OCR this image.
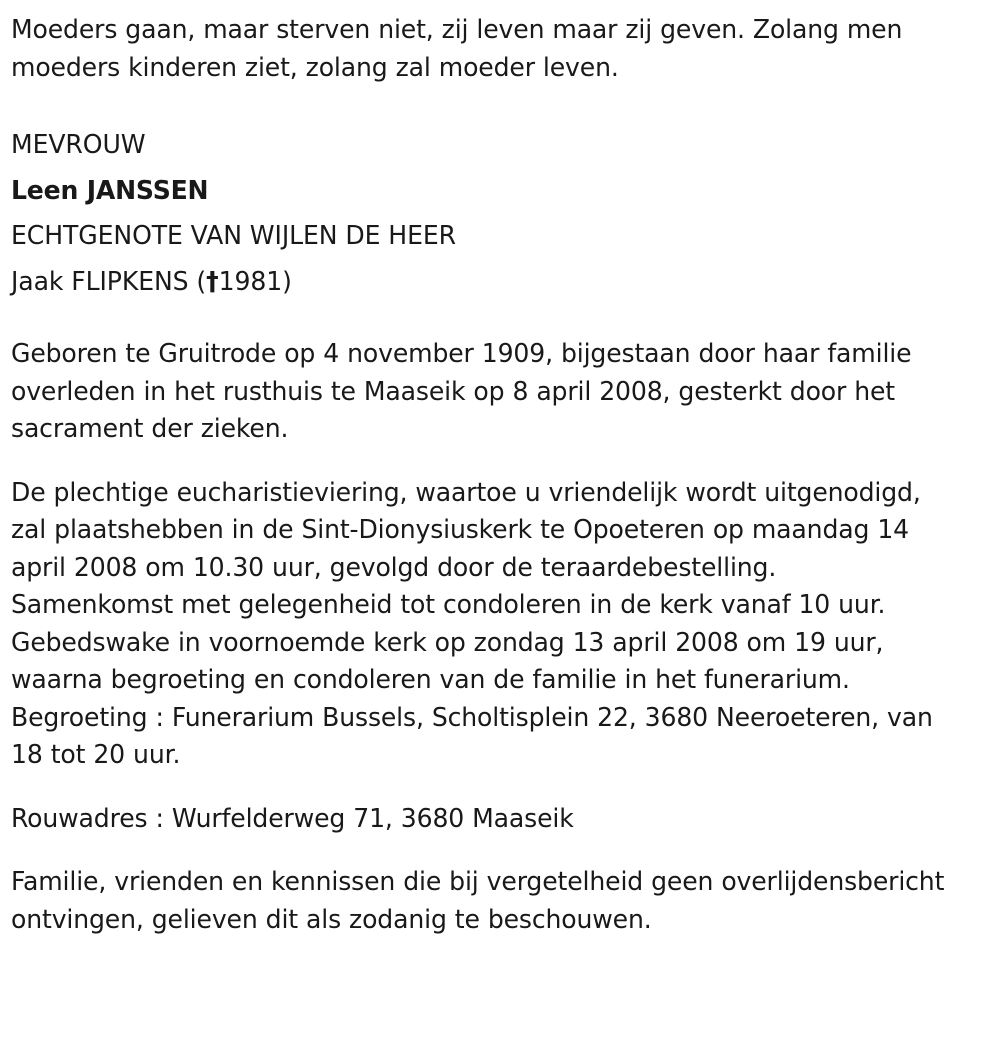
Moeders gaan, maar sterven niet, zij leven maar zij geven. Zolang men moeders kinderen ziet, zolang zal moeder leven.

MEVROUW
Leen JANSSEN
ECHTGENOTE VAN WIJLEN DE HEER
Jaak FLIPKENS (†1981)

Geboren te Gruitrode op 4 november 1909, bijgestaan door haar familie overleden in het rusthuis te Maaseik op 8 april 2008, gesterkt door het sacrament der zieken.

De plechtige eucharistieviering, waartoe u vriendelijk wordt uitgenodigd,
zal plaatshebben in de Sint-Dionysiuskerk te Opoeteren op maandag 14
april 2008 om 10.30 uur, gevolgd door de teraardebestelling.
Samenkomst met gelegenheid tot condoleren in de kerk vanaf 10 uur.
Gebedswake in voornoemde kerk op zondag 13 april 2008 om 19 uur,
waarna begroeting en condoleren van de familie in het funerarium.
Begroeting : Funerarium Bussels, Scholtisplein 22, 3680 Neeroeteren, van
18 tot 20 uur.

Rouwadres : Wurfelderweg 71, 3680 Maaseik

Familie, vrienden en kennissen die bij vergetelheid geen overlijdensbericht ontvingen, gelieven dit als zodanig te beschouwen.
